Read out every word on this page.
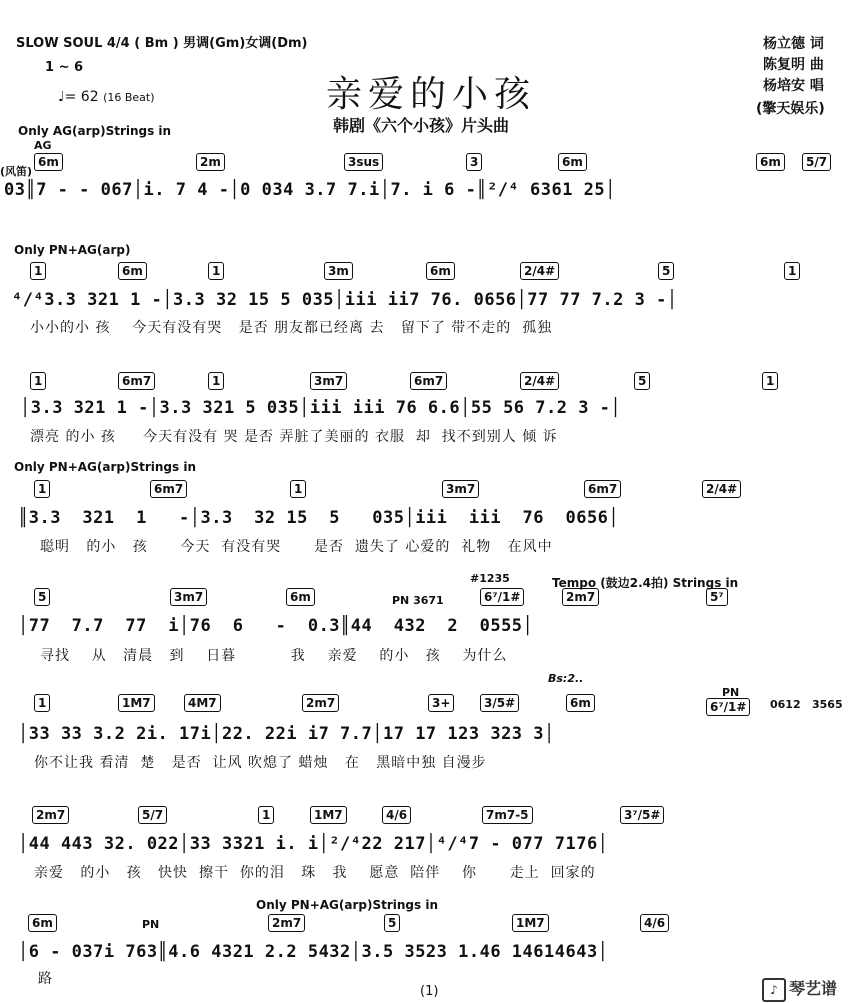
SLOW SOUL 4/4 ( Bm ) 男调(Gm)女调(Dm)
1 ~ 6
♩= 62 (16 Beat)	亲爱的小孩
韩剧《六个小孩》片头曲
杨立德 词
陈复明 曲
杨培安 唱
(擎天娱乐)
Only AG(arp)Strings in
AG
(风笛)
6m	2m	3sus	3	6m	6m	5/7
03║7 - - 067│i. 7 4 -│0 034 3.7 7.i│7. i 6 -║²/⁴ 6361 25│
Only PN+AG(arp)
1	6m	1	3m	6m	2/4#	5	1
⁴/⁴3.3 321 1 -│3.3 32 15 5 035│iii ii7 76. 0656│77 77 7.2 3 -│
小小的小 孩    今天有没有哭   是否 朋友都已经离 去   留下了 带不走的  孤独
1	6m7	1	3m7	6m7	2/4#	5	1
│3.3 321 1 -│3.3 321 5 035│iii iii 76 6.6│55 56 7.2 3 -│
漂亮 的小 孩     今天有没有 哭 是否 弄脏了美丽的 衣服  却  找不到别人 倾 诉
Only PN+AG(arp)Strings in
1	6m7	1	3m7	6m7	2/4#
║3.3  321  1   -│3.3  32 15  5   035│iii  iii  76  0656│
聪明   的小   孩      今天  有没有哭      是否  遗失了 心爱的  礼物   在风中
#1235	Tempo (鼓边2.4拍) Strings in
PN 3671
5	3m7	6m	6⁷/1#	2m7	5⁷
│77  7.7  77  i│76  6   -  0.3║44  432  2  0555│
寻找    从   清晨   到    日暮          我    亲爱    的小   孩    为什么
Bs:2..
1	1M7	4M7	2m7	3+	3/5#	6m
PN
6⁷/1#	0612 3565
│33 33 3.2 2i. 17i│22. 22i i7 7.7│17 17 123 323 3│
你不让我 看清  楚   是否  让风 吹熄了 蜡烛   在   黑暗中独 自漫步
2m7	5/7	1	1M7	4/6	7m7-5	3⁷/5#
│44 443 32. 022│33 3321 i. i│²/⁴22 217│⁴/⁴7 - 077 7176│
亲爱   的小   孩   快快  擦干  你的泪   珠   我    愿意  陪伴    你      走上  回家的
Only PN+AG(arp)Strings in
6m	PN	2m7	5	1M7	4/6
│6 - 037i 763║4.6 4321 2.2 5432│3.5 3523 1.46 14614643│
路
(1)	♪ 琴艺谱
